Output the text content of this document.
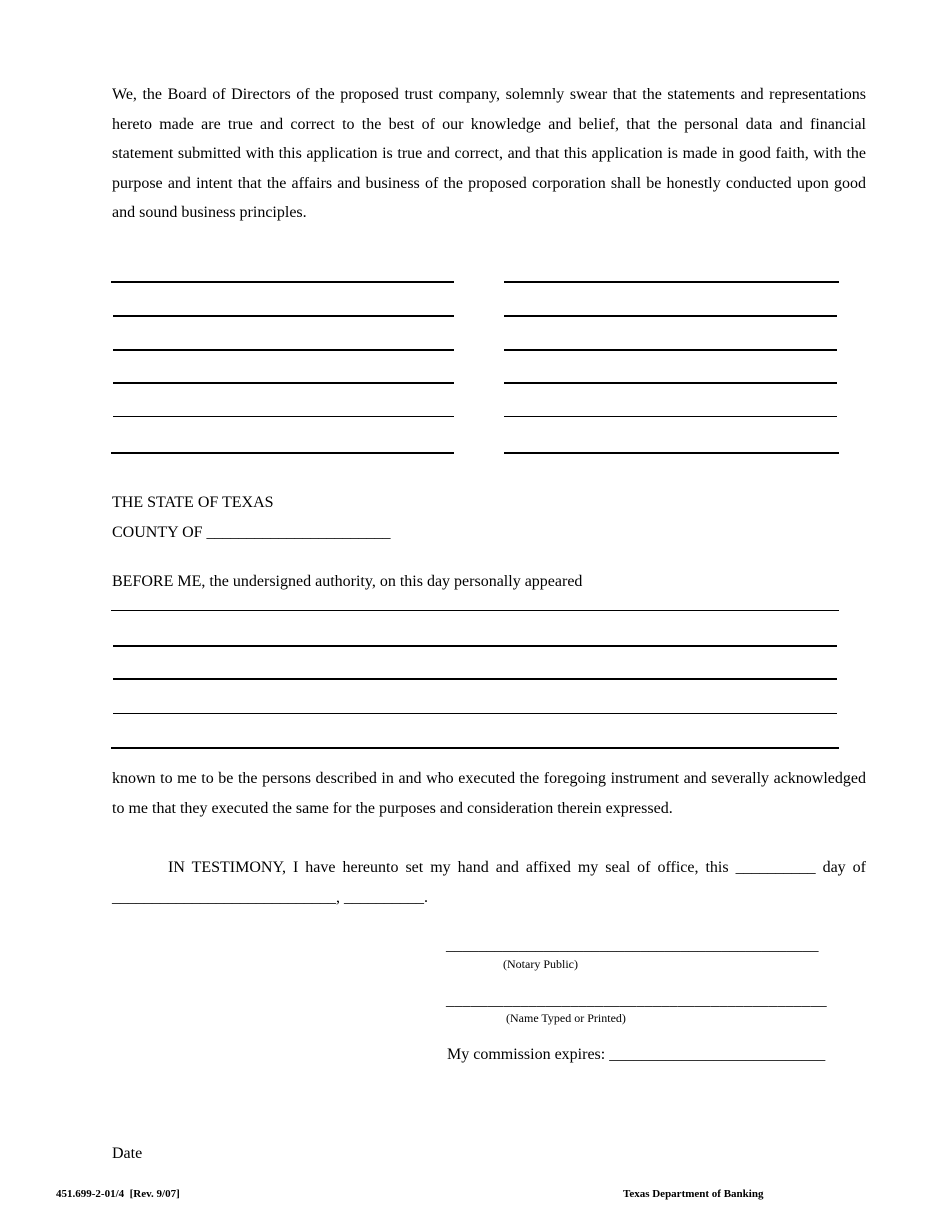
We, the Board of Directors of the proposed trust company, solemnly swear that the statements and representations hereto made are true and correct to the best of our knowledge and belief, that the personal data and financial statement submitted with this application is true and correct, and that this application is made in good faith, with the purpose and intent that the affairs and business of the proposed corporation shall be honestly conducted upon good and sound business principles.

THE STATE OF TEXAS

COUNTY OF _______________________

BEFORE ME, the undersigned authority, on this day personally appeared

known to me to be the persons described in and who executed the foregoing instrument and severally acknowledged to me that they executed the same for the purposes and consideration therein expressed.

IN TESTIMONY, I have hereunto set my hand and affixed my seal of office, this __________ day of

____________________________, __________.

______________________________________________
(Notary Public)
______________________________________________
(Name Typed or Printed)

My commission expires: ___________________________

Date

451.699-2-01/4  [Rev. 9/07]	Texas Department of Banking
